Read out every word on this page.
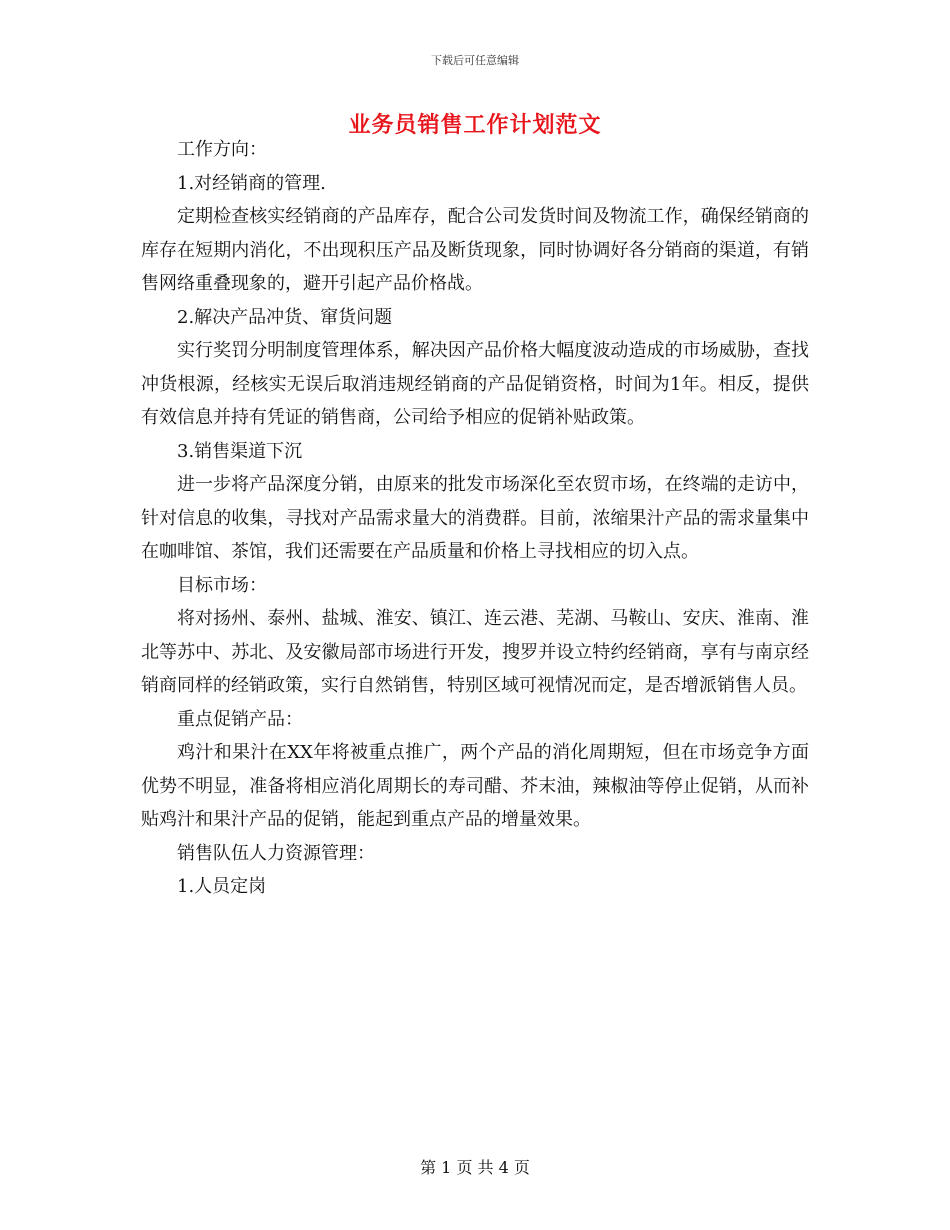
下载后可任意编辑
业务员销售工作计划范文

工作方向：

1.对经销商的管理.

定期检查核实经销商的产品库存，配合公司发货时间及物流工作，确保经销商的库存在短期内消化，不出现积压产品及断货现象，同时协调好各分销商的渠道，有销售网络重叠现象的，避开引起产品价格战。

2.解决产品冲货、窜货问题

实行奖罚分明制度管理体系，解决因产品价格大幅度波动造成的市场威胁，查找冲货根源，经核实无误后取消违规经销商的产品促销资格，时间为1年。相反，提供有效信息并持有凭证的销售商，公司给予相应的促销补贴政策。

3.销售渠道下沉

进一步将产品深度分销，由原来的批发市场深化至农贸市场，在终端的走访中，针对信息的收集，寻找对产品需求量大的消费群。目前，浓缩果汁产品的需求量集中在咖啡馆、茶馆，我们还需要在产品质量和价格上寻找相应的切入点。

目标市场：

将对扬州、泰州、盐城、淮安、镇江、连云港、芜湖、马鞍山、安庆、淮南、淮北等苏中、苏北、及安徽局部市场进行开发，搜罗并设立特约经销商，享有与南京经销商同样的经销政策，实行自然销售，特别区域可视情况而定，是否增派销售人员。

重点促销产品：

鸡汁和果汁在XX年将被重点推广，两个产品的消化周期短，但在市场竞争方面优势不明显，准备将相应消化周期长的寿司醋、芥末油，辣椒油等停止促销，从而补贴鸡汁和果汁产品的促销，能起到重点产品的增量效果。

销售队伍人力资源管理：

1.人员定岗

第 1 页 共 4 页
